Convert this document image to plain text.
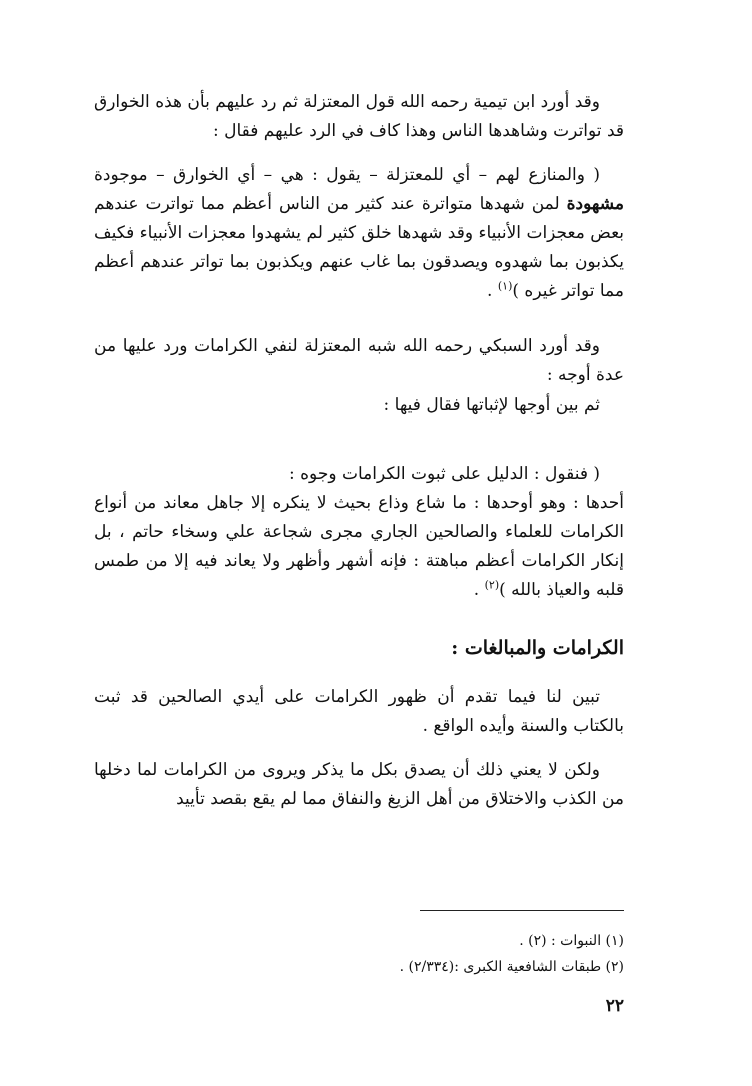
وقد أورد ابن تيمية رحمه الله قول المعتزلة ثم رد عليهم بأن هذه الخوارق قد تواترت وشاهدها الناس وهذا كاف في الرد عليهم فقال :

( والمنازع لهم – أي للمعتزلة – يقول : هي – أي الخوارق – موجودة مشهودة لمن شهدها متواترة عند كثير من الناس أعظم مما تواترت عندهم بعض معجزات الأنبياء وقد شهدها خلق كثير لم يشهدوا معجزات الأنبياء فكيف يكذبون بما شهدوه ويصدقون بما غاب عنهم ويكذبون بما تواتر عندهم أعظم مما تواتر غيره )$^{(١)}$ .

وقد أورد السبكي رحمه الله شبه المعتزلة لنفي الكرامات ورد عليها من عدة أوجه :

ثم بين أوجها لإثباتها فقال فيها :

( فنقول : الدليل على ثبوت الكرامات وجوه :

أحدها : وهو أوحدها : ما شاع وذاع بحيث لا ينكره إلا جاهل معاند من أنواع الكرامات للعلماء والصالحين الجاري مجرى شجاعة علي وسخاء حاتم ، بل إنكار الكرامات أعظم مباهتة : فإنه أشهر وأظهر ولا يعاند فيه إلا من طمس قلبه والعياذ بالله )$^{(٢)}$ .

الكرامات والمبالغات :

تبين لنا فيما تقدم أن ظهور الكرامات على أيدي الصالحين قد ثبت بالكتاب والسنة وأيده الواقع .

ولكن لا يعني ذلك أن يصدق بكل ما يذكر ويروى من الكرامات لما دخلها من الكذب والاختلاق من أهل الزيغ والنفاق مما لم يقع بقصد تأييد

(١) النبوات : (٢) .

(٢) طبقات الشافعية الكبرى :(٢/٣٣٤) .

٢٢
